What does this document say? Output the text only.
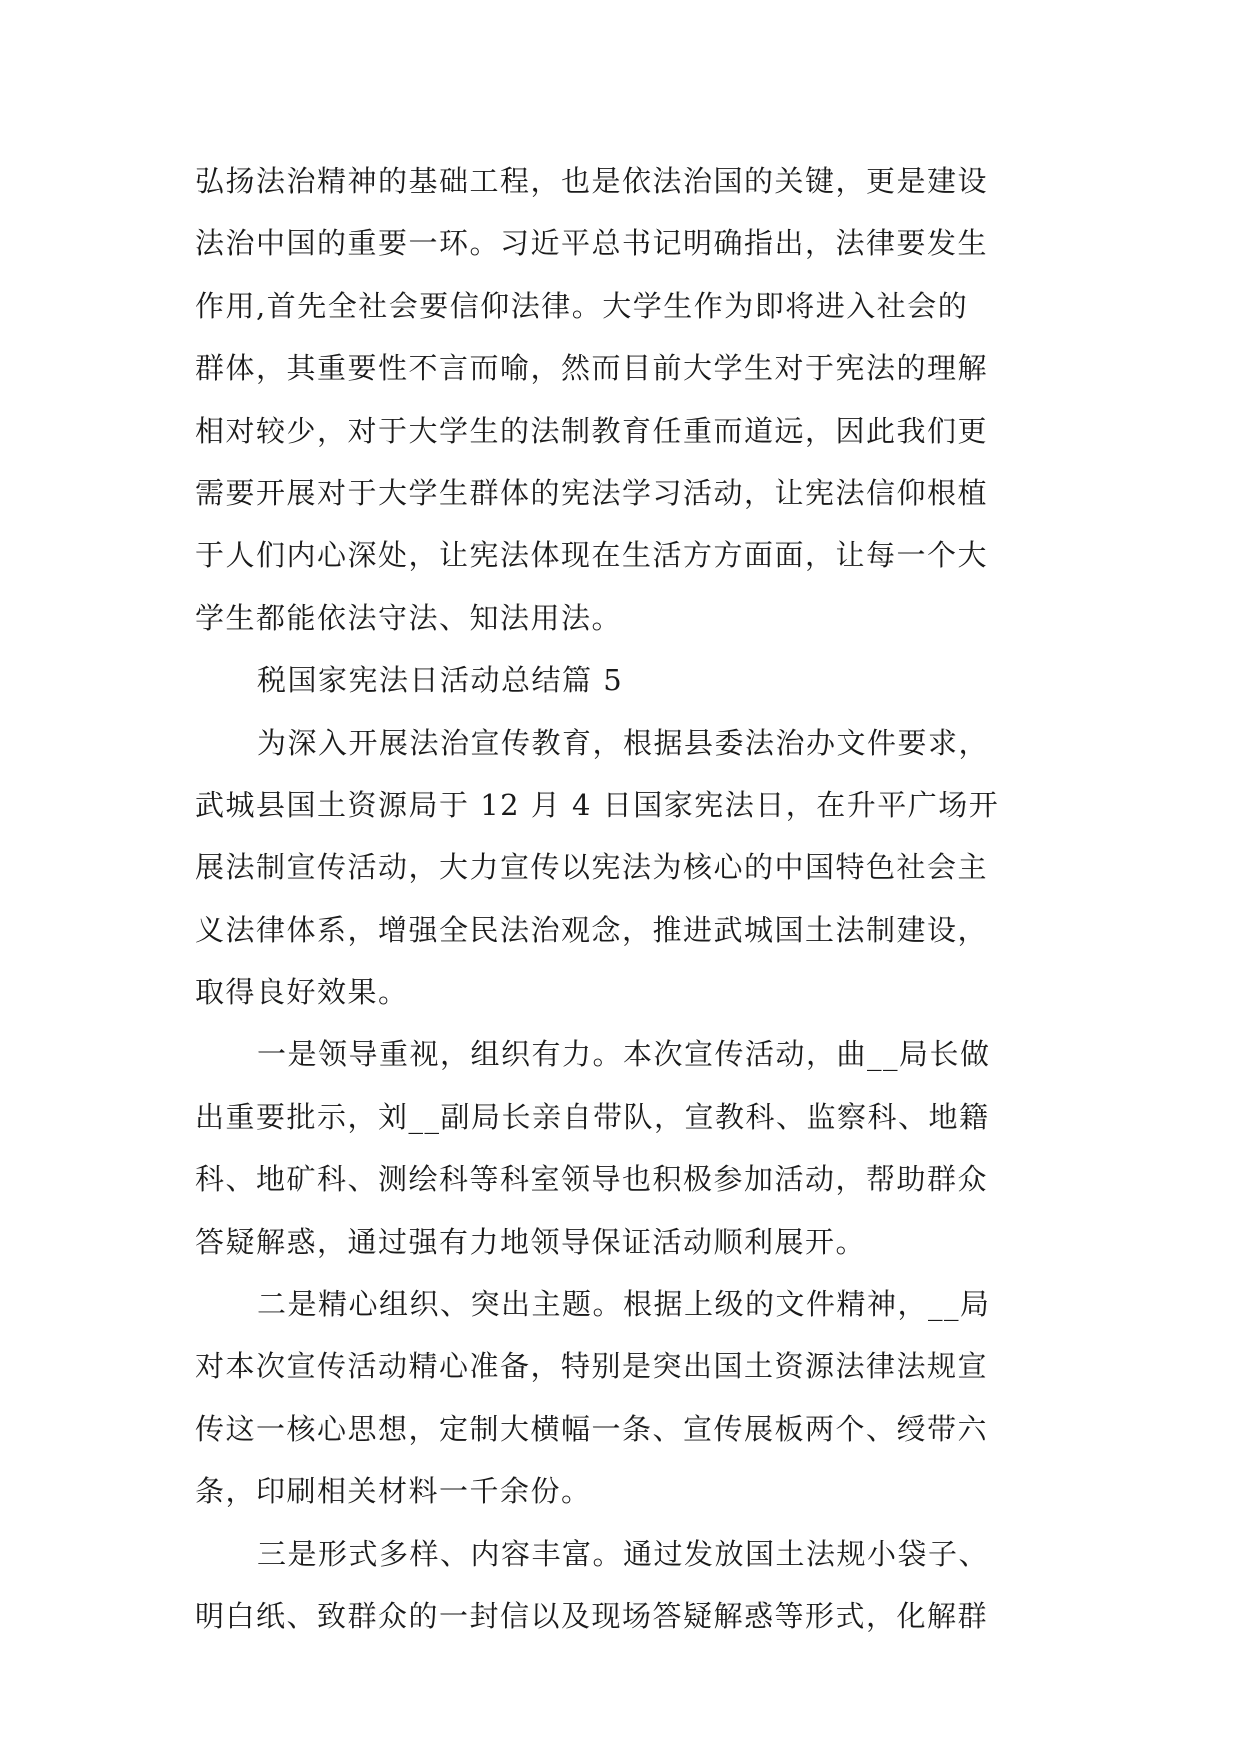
弘扬法治精神的基础工程，也是依法治国的关键，更是建设
法治中国的重要一环。习近平总书记明确指出，法律要发生
作用,首先全社会要信仰法律。大学生作为即将进入社会的
群体，其重要性不言而喻，然而目前大学生对于宪法的理解
相对较少，对于大学生的法制教育任重而道远，因此我们更
需要开展对于大学生群体的宪法学习活动，让宪法信仰根植
于人们内心深处，让宪法体现在生活方方面面，让每一个大
学生都能依法守法、知法用法。
税国家宪法日活动总结篇 5
为深入开展法治宣传教育，根据县委法治办文件要求，
武城县国土资源局于 12 月 4 日国家宪法日，在升平广场开
展法制宣传活动，大力宣传以宪法为核心的中国特色社会主
义法律体系，增强全民法治观念，推进武城国土法制建设，
取得良好效果。
一是领导重视，组织有力。本次宣传活动，曲__局长做
出重要批示，刘__副局长亲自带队，宣教科、监察科、地籍
科、地矿科、测绘科等科室领导也积极参加活动，帮助群众
答疑解惑，通过强有力地领导保证活动顺利展开。
二是精心组织、突出主题。根据上级的文件精神，__局
对本次宣传活动精心准备，特别是突出国土资源法律法规宣
传这一核心思想，定制大横幅一条、宣传展板两个、绶带六
条，印刷相关材料一千余份。
三是形式多样、内容丰富。通过发放国土法规小袋子、
明白纸、致群众的一封信以及现场答疑解惑等形式，化解群
